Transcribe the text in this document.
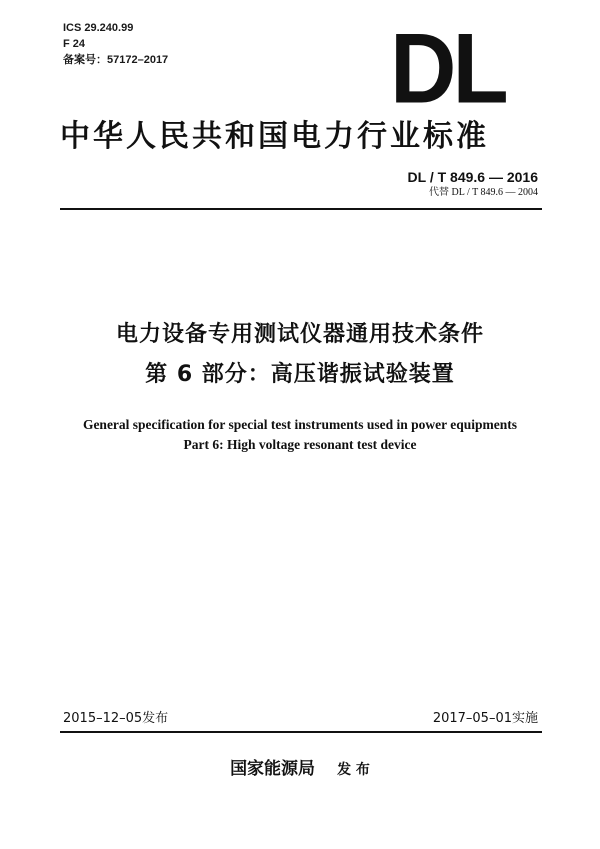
ICS 29.240.99
F 24
备案号：57172–2017 DL
中华人民共和国电力行业标准
DL / T 849.6 — 2016
代替 DL / T 849.6 — 2004
电力设备专用测试仪器通用技术条件
第 6 部分：高压谐振试验装置
General specification for special test instruments used in power equipments
Part 6: High voltage resonant test device
2015–12–05发布	2017–05–01实施
国家能源局 发 布
